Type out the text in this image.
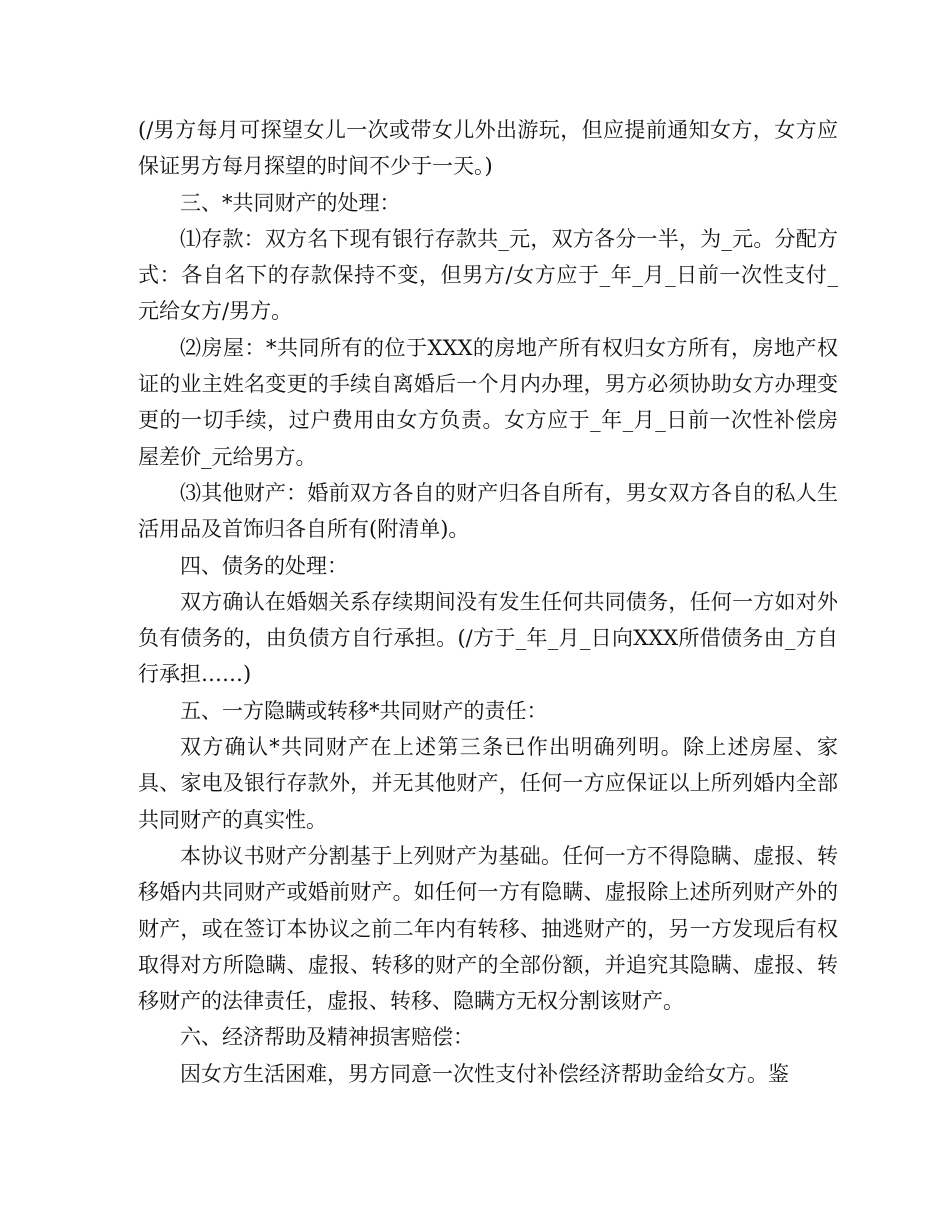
(/男方每月可探望女儿一次或带女儿外出游玩，但应提前通知女方，女方应保证男方每月探望的时间不少于一天。)

三、*共同财产的处理：

⑴存款：双方名下现有银行存款共_元，双方各分一半，为_元。分配方式：各自名下的存款保持不变，但男方/女方应于_年_月_日前一次性支付_元给女方/男方。

⑵房屋：*共同所有的位于XXX的房地产所有权归女方所有，房地产权证的业主姓名变更的手续自离婚后一个月内办理，男方必须协助女方办理变更的一切手续，过户费用由女方负责。女方应于_年_月_日前一次性补偿房屋差价_元给男方。

⑶其他财产：婚前双方各自的财产归各自所有，男女双方各自的私人生活用品及首饰归各自所有(附清单)。

四、债务的处理：

双方确认在婚姻关系存续期间没有发生任何共同债务，任何一方如对外负有债务的，由负债方自行承担。(/方于_年_月_日向XXX所借债务由_方自行承担……)

五、一方隐瞒或转移*共同财产的责任：

双方确认*共同财产在上述第三条已作出明确列明。除上述房屋、家具、家电及银行存款外，并无其他财产，任何一方应保证以上所列婚内全部共同财产的真实性。

本协议书财产分割基于上列财产为基础。任何一方不得隐瞒、虚报、转移婚内共同财产或婚前财产。如任何一方有隐瞒、虚报除上述所列财产外的财产，或在签订本协议之前二年内有转移、抽逃财产的，另一方发现后有权取得对方所隐瞒、虚报、转移的财产的全部份额，并追究其隐瞒、虚报、转移财产的法律责任，虚报、转移、隐瞒方无权分割该财产。

六、经济帮助及精神损害赔偿：

因女方生活困难，男方同意一次性支付补偿经济帮助金给女方。鉴
